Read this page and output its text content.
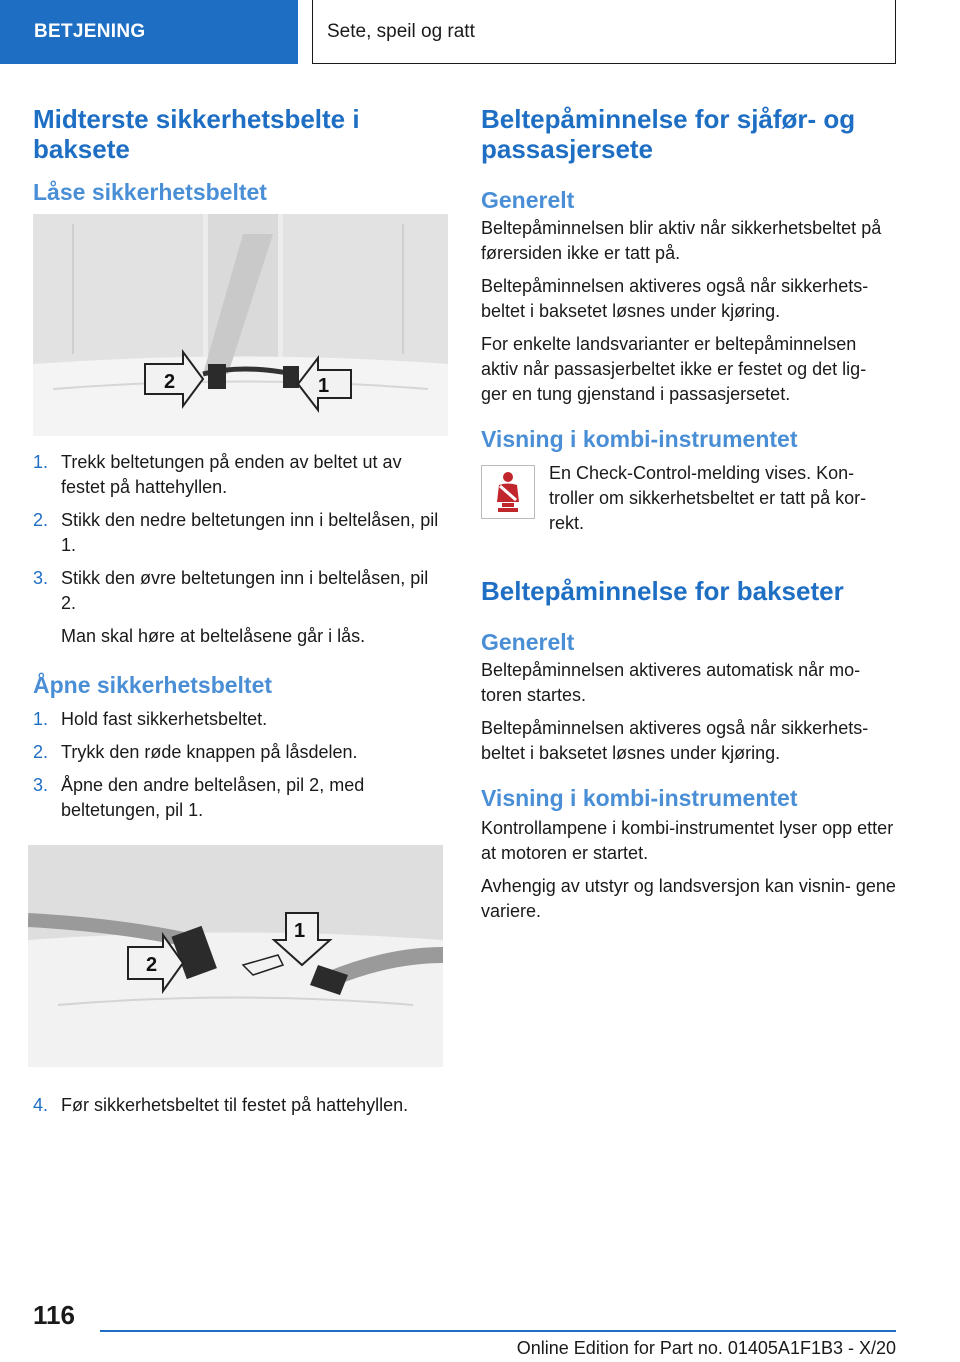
BETJENING	Sete, speil og ratt
Midterste sikkerhetsbelte i baksete
Låse sikkerhetsbeltet
2	1
1. Trekk beltetungen på enden av beltet ut av festet på hattehyllen.
2. Stikk den nedre beltetungen inn i beltelåsen, pil 1.
3. Stikk den øvre beltetungen inn i beltelåsen, pil 2.

Man skal høre at beltelåsene går i lås.

Åpne sikkerhetsbeltet
1. Hold fast sikkerhetsbeltet.
2. Trykk den røde knappen på låsdelen.
3. Åpne den andre beltelåsen, pil 2, med beltetungen, pil 1.
2
1
4. Før sikkerhetsbeltet til festet på hattehyllen.
Beltepåminnelse for sjåfør- og passasjersete
Generelt

Beltepåminnelsen blir aktiv når sikkerhetsbeltet på førersiden ikke er tatt på.

Beltepåminnelsen aktiveres også når sikkerhets- beltet i baksetet løsnes under kjøring.

For enkelte landsvarianter er beltepåminnelsen aktiv når passasjerbeltet ikke er festet og det lig- ger en tung gjenstand i passasjersetet.

Visning i kombi-instrumentet

En Check-Control-melding vises. Kon- troller om sikkerhetsbeltet er tatt på kor- rekt.

Beltepåminnelse for bakseter
Generelt

Beltepåminnelsen aktiveres automatisk når mo- toren startes.

Beltepåminnelsen aktiveres også når sikkerhets- beltet i baksetet løsnes under kjøring.

Visning i kombi-instrumentet

Kontrollampene i kombi-instrumentet lyser opp etter at motoren er startet.

Avhengig av utstyr og landsversjon kan visnin- gene variere.

116
Online Edition for Part no. 01405A1F1B3 - X/20
